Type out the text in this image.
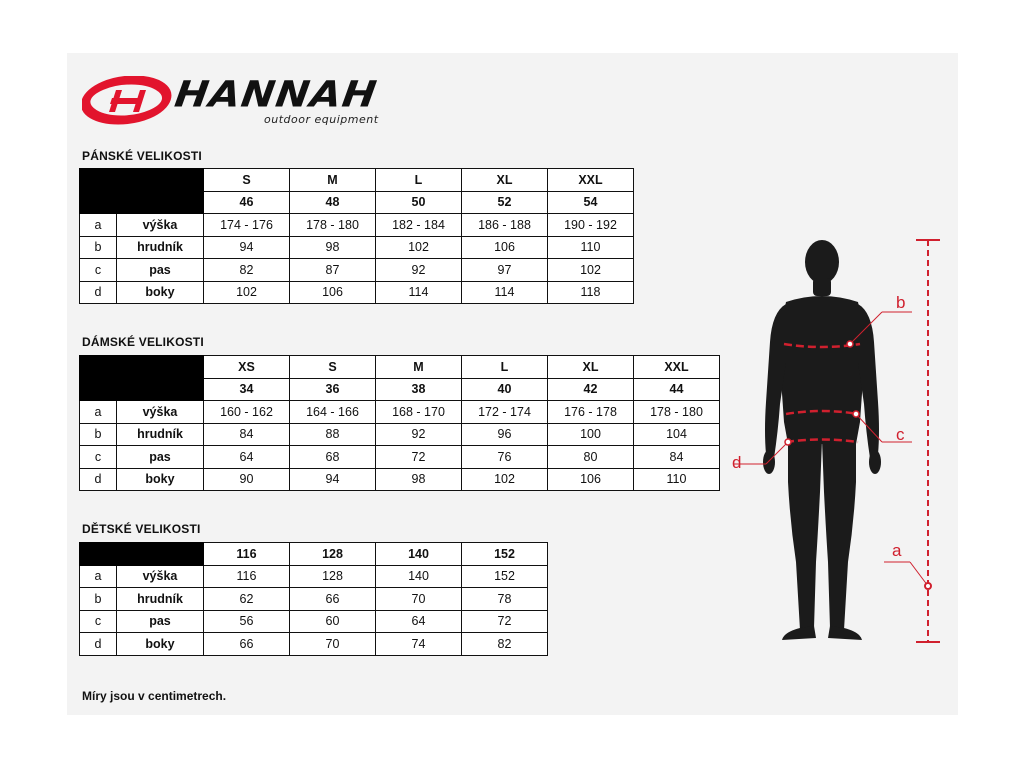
HANNAH
outdoor equipment
PÁNSKÉ VELIKOSTI
		S	M	L	XL	XXL
		46	48	50	52	54
a	výška	174 - 176	178 - 180	182 - 184	186 - 188	190 - 192
b	hrudník	94	98	102	106	110
c	pas	82	87	92	97	102
d	boky	102	106	114	114	118
DÁMSKÉ VELIKOSTI
		XS	S	M	L	XL	XXL
		34	36	38	40	42	44
a	výška	160 - 162	164 - 166	168 - 170	172 - 174	176 - 178	178 - 180
b	hrudník	84	88	92	96	100	104
c	pas	64	68	72	76	80	84
d	boky	90	94	98	102	106	110
DĚTSKÉ VELIKOSTI
		116	128	140	152
a	výška	116	128	140	152
b	hrudník	62	66	70	78
c	pas	56	60	64	72
d	boky	66	70	74	82
Míry jsou v centimetrech.
a
b
c
d
